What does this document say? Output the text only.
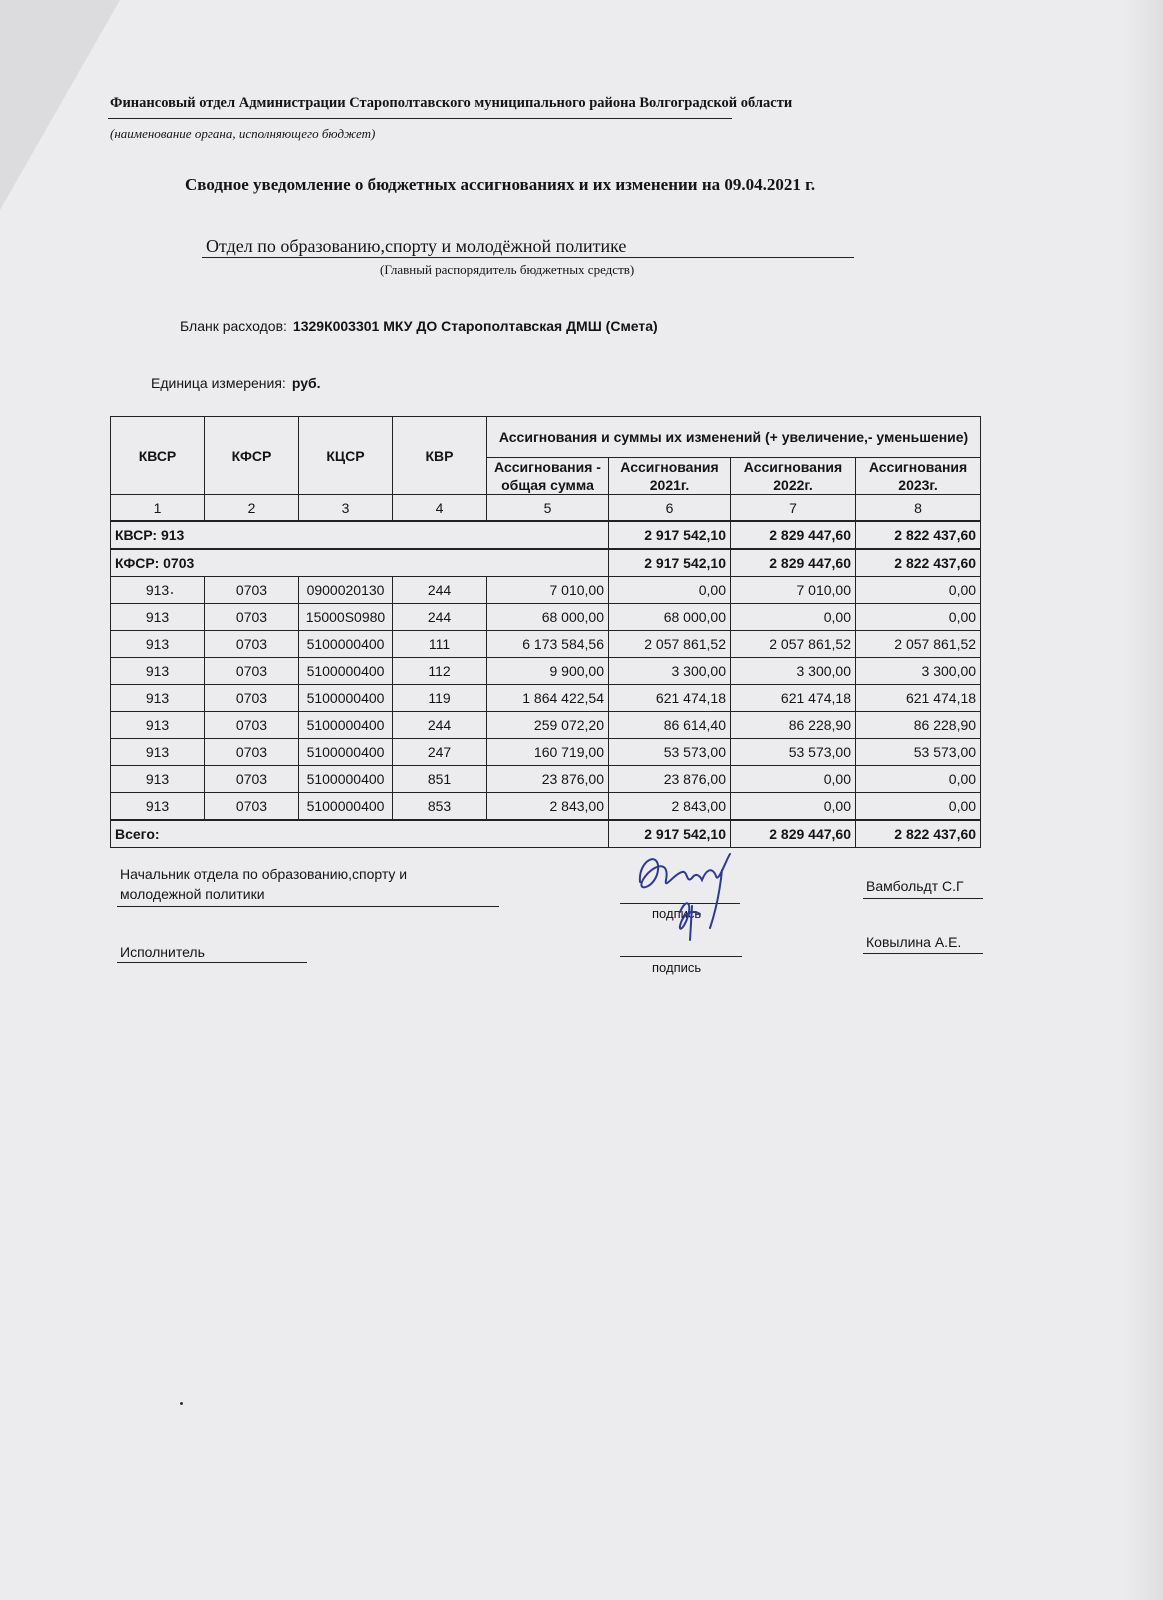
Финансовый отдел Администрации Старополтавского муниципального района Волгоградской области
(наименование органа, исполняющего бюджет)
Сводное уведомление о бюджетных ассигнованиях и их изменении на 09.04.2021 г.
Отдел по образованию,спорту и молодёжной политике
(Главный распорядитель бюджетных средств)
Бланк расходов: 1329К003301 МКУ ДО Старополтавская ДМШ (Смета)
Единица измерения: руб.
КВСР	КФСР	КЦСР	КВР	Ассигнования и суммы их изменений (+ увеличение,- уменьшение)			
				Ассигнования - общая сумма	Ассигнования 2021г.	Ассигнования 2022г.	Ассигнования 2023г.
1	2	3	4	5	6	7	8
КВСР: 913					2 917 542,10	2 829 447,60	2 822 437,60
КФСР: 0703					2 917 542,10	2 829 447,60	2 822 437,60
913	0703	0900020130	244	7 010,00	0,00	7 010,00	0,00
913	0703	15000S0980	244	68 000,00	68 000,00	0,00	0,00
913	0703	5100000400	111	6 173 584,56	2 057 861,52	2 057 861,52	2 057 861,52
913	0703	5100000400	112	9 900,00	3 300,00	3 300,00	3 300,00
913	0703	5100000400	119	1 864 422,54	621 474,18	621 474,18	621 474,18
913	0703	5100000400	244	259 072,20	86 614,40	86 228,90	86 228,90
913	0703	5100000400	247	160 719,00	53 573,00	53 573,00	53 573,00
913	0703	5100000400	851	23 876,00	23 876,00	0,00	0,00
913	0703	5100000400	853	2 843,00	2 843,00	0,00	0,00
Всего:					2 917 542,10	2 829 447,60	2 822 437,60
Начальник отдела по образованию,спорту и
молодежной политики
подпись
Вамбольдт С.Г
Исполнитель
подпись
Ковылина А.Е.
